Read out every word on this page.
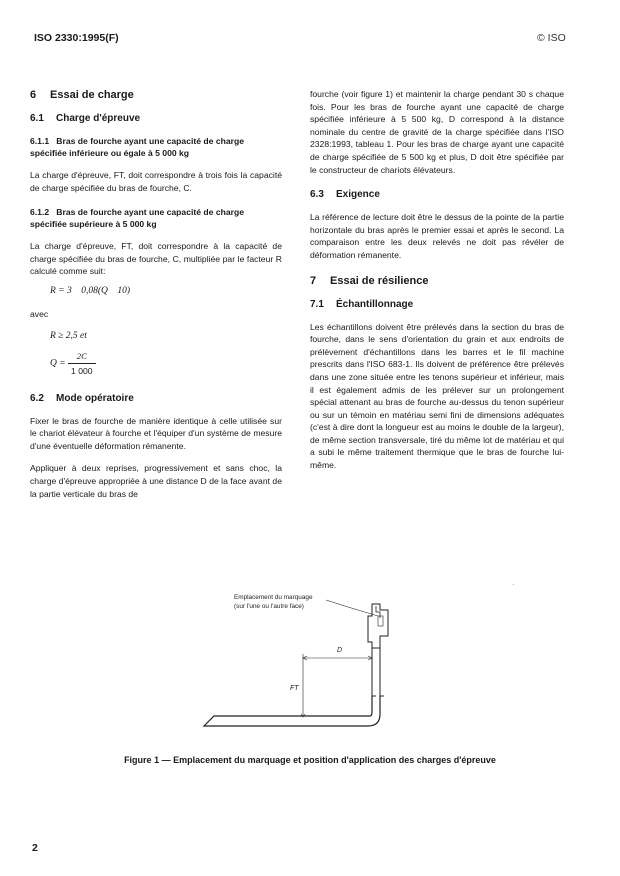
ISO 2330:1995(F)	© ISO
6 Essai de charge
6.1 Charge d'épreuve
6.1.1 Bras de fourche ayant une capacité de charge spécifiée inférieure ou égale à 5 000 kg

La charge d'épreuve, FT, doit correspondre à trois fois la capacité de charge spécifiée du bras de fourche, C.

6.1.2 Bras de fourche ayant une capacité de charge spécifiée supérieure à 5 000 kg

La charge d'épreuve, FT, doit correspondre à la capacité de charge spécifiée du bras de fourche, C, multipliée par le facteur R calculé comme suit:

R = 3    0,08(Q    10)

avec

R ≥ 2,5 et
$Q = \frac{2C}{1 000}$
6.2 Mode opératoire

Fixer le bras de fourche de manière identique à celle utilisée sur le chariot élévateur à fourche et l'équiper d'un système de mesure d'une éventuelle déformation rémanente.

Appliquer à deux reprises, progressivement et sans choc, la charge d'épreuve appropriée à une distance D de la face avant de la partie verticale du bras de

fourche (voir figure 1) et maintenir la charge pendant 30 s chaque fois. Pour les bras de fourche ayant une capacité de charge spécifiée inférieure à 5 500 kg, D correspond à la distance nominale du centre de gravité de la charge spécifiée dans l'ISO 2328:1993, tableau 1. Pour les bras de charge ayant une capacité de charge spécifiée de 5 500 kg et plus, D doit être spécifiée par le constructeur de chariots élévateurs.

6.3 Exigence

La référence de lecture doit être le dessus de la pointe de la partie horizontale du bras après le premier essai et après le second. La comparaison entre les deux relevés ne doit pas révéler de déformation rémanente.

7 Essai de résilience
7.1 Échantillonnage

Les échantillons doivent être prélevés dans la section du bras de fourche, dans le sens d'orientation du grain et aux endroits de prélèvement d'échantillons dans les barres et le fil machine prescrits dans l'ISO 683-1. Ils doivent de préférence être prélevés dans une zone située entre les tenons supérieur et inférieur, mais il est également admis de les prélever sur un prolongement spécial attenant au bras de fourche au-dessus du tenon supérieur ou sur un témoin en matériau semi fini de dimensions adéquates (c'est à dire dont la longueur est au moins le double de la largeur), de même section transversale, tiré du même lot de matériau et qui a subi le même traitement thermique que le bras de fourche lui-même.

Emplacement du marquage
(sur l'une ou l'autre face)
D
FT
·
Figure 1 — Emplacement du marquage et position d'application des charges d'épreuve
2
